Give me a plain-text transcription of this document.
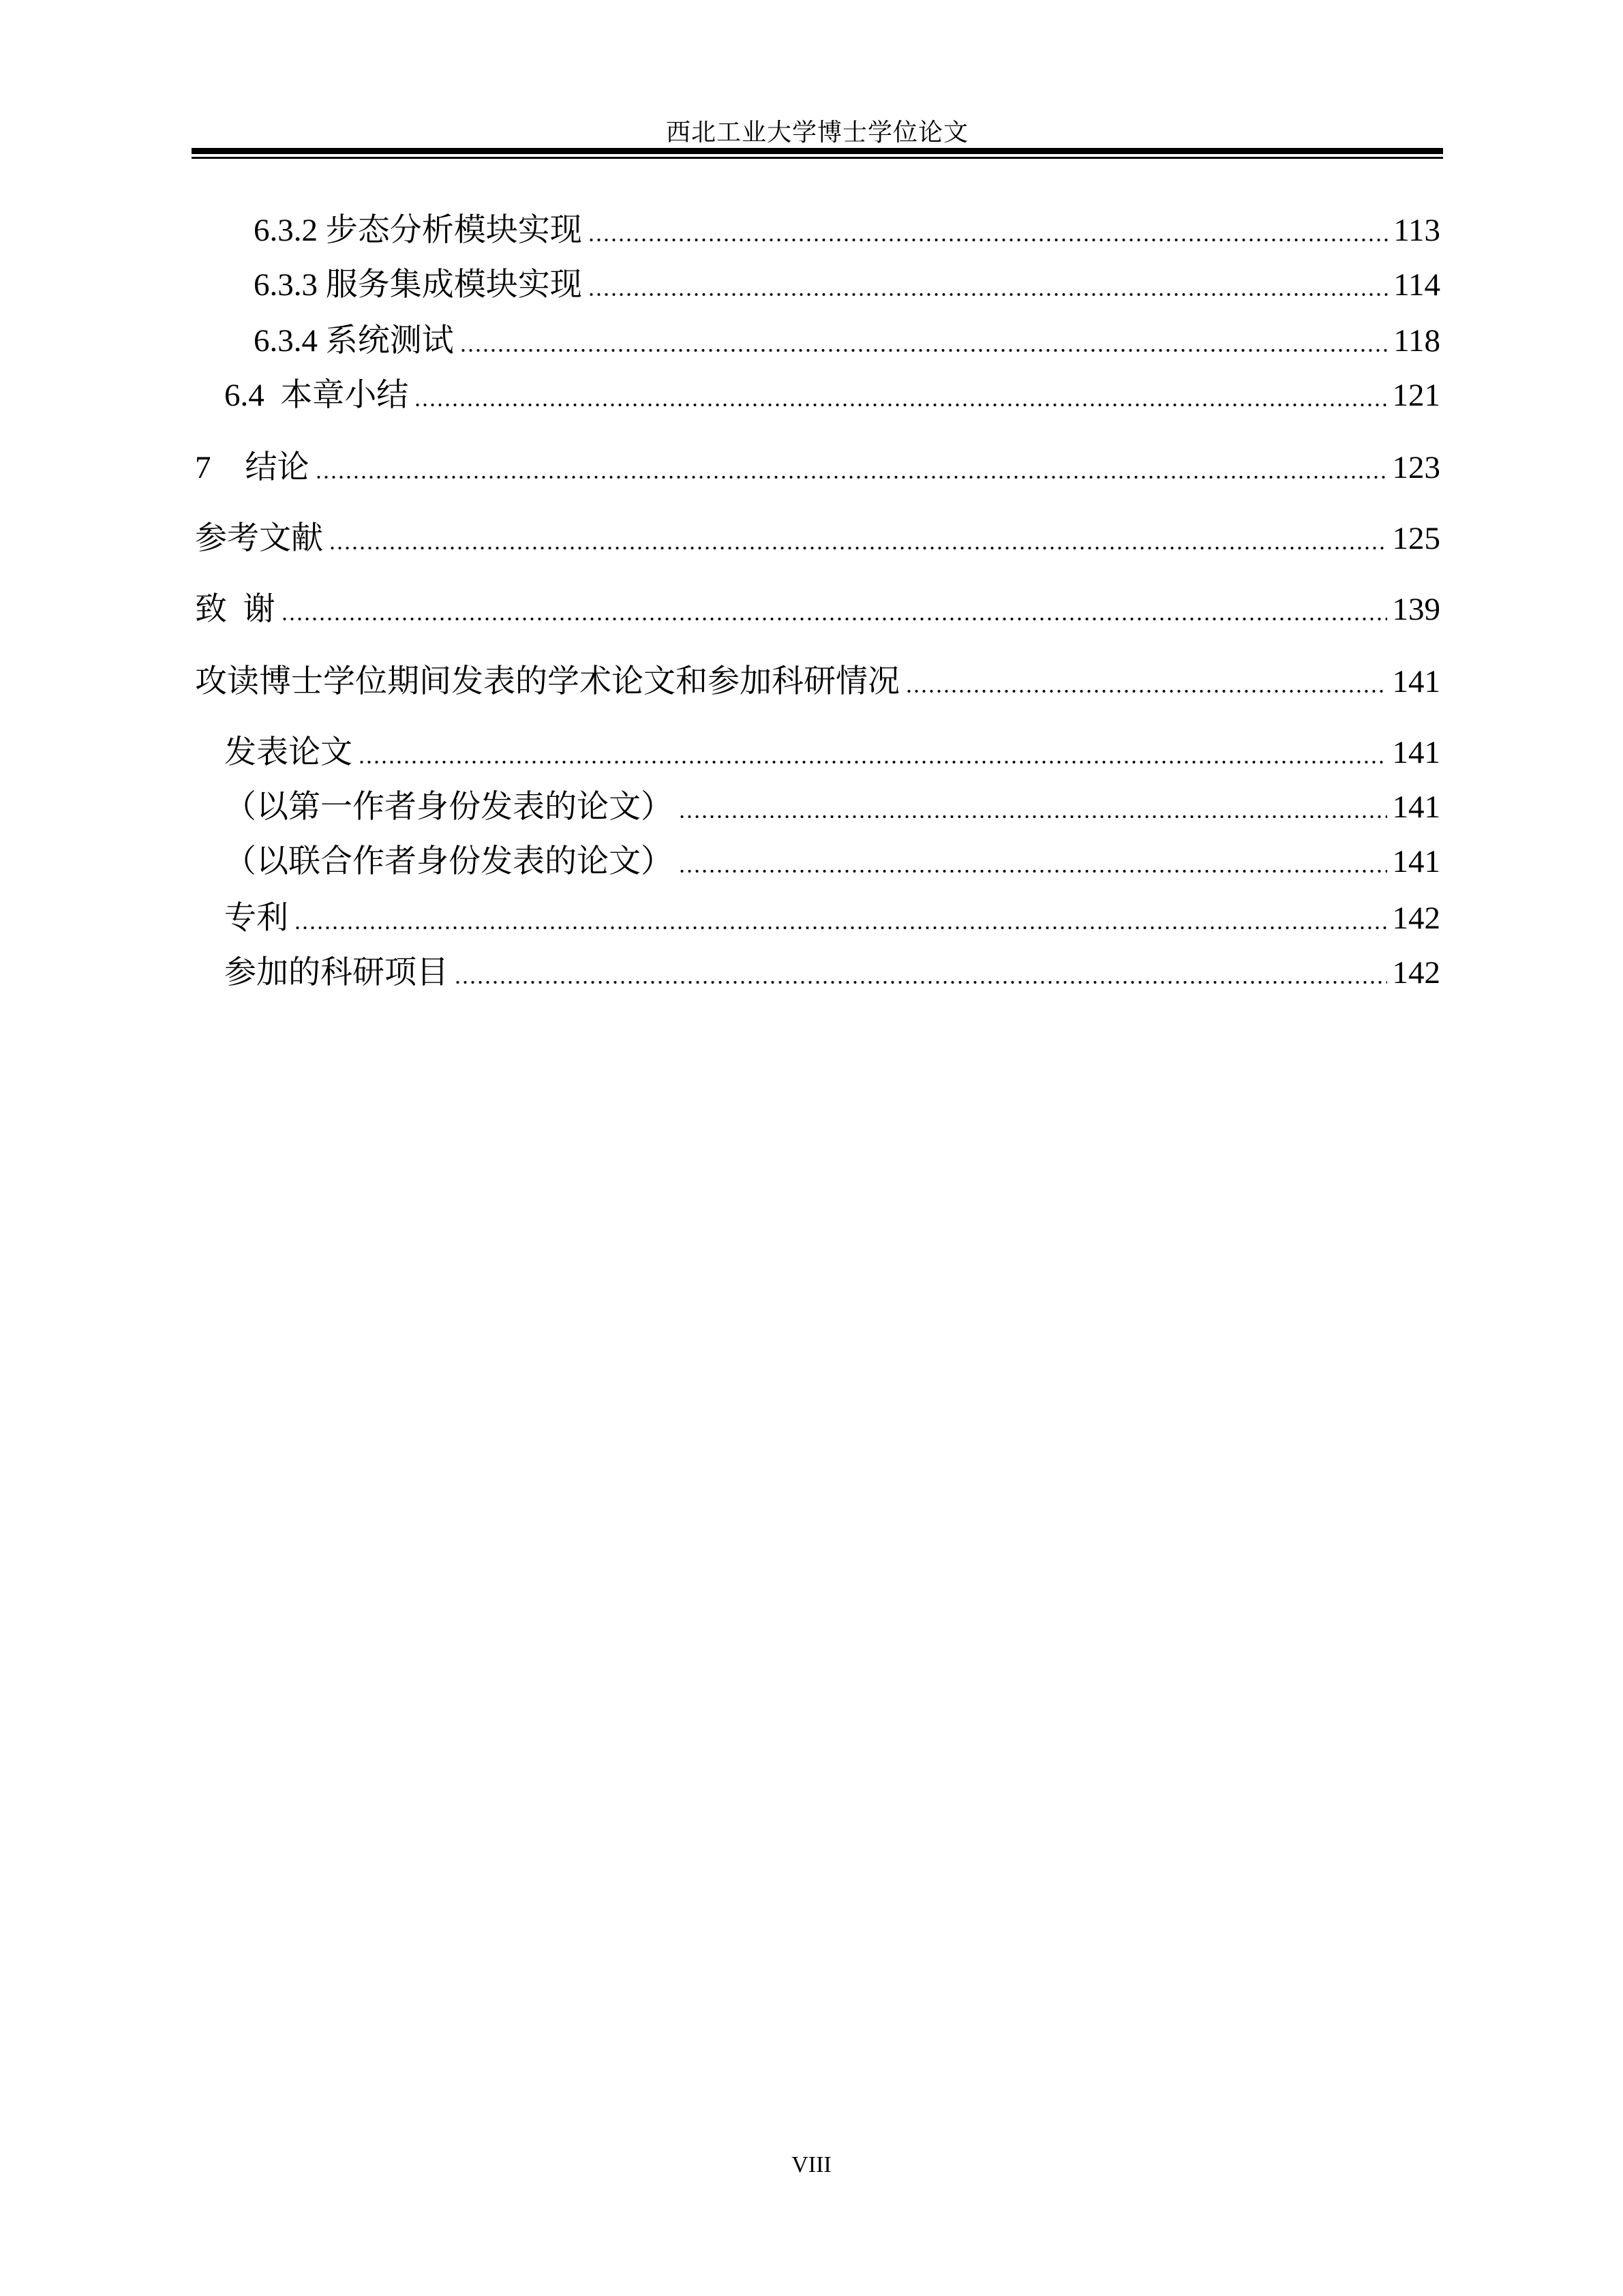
西北工业大学博士学位论文
6.3.2 步态分析模块实现	113
6.3.3 服务集成模块实现	114
6.3.4 系统测试	118
6.4  本章小结	121
7 结论	123
参考文献	125
致  谢	139
攻读博士学位期间发表的学术论文和参加科研情况	141
发表论文	141
（以第一作者身份发表的论文）	141
（以联合作者身份发表的论文）	141
专利	142
参加的科研项目	142
VIII
